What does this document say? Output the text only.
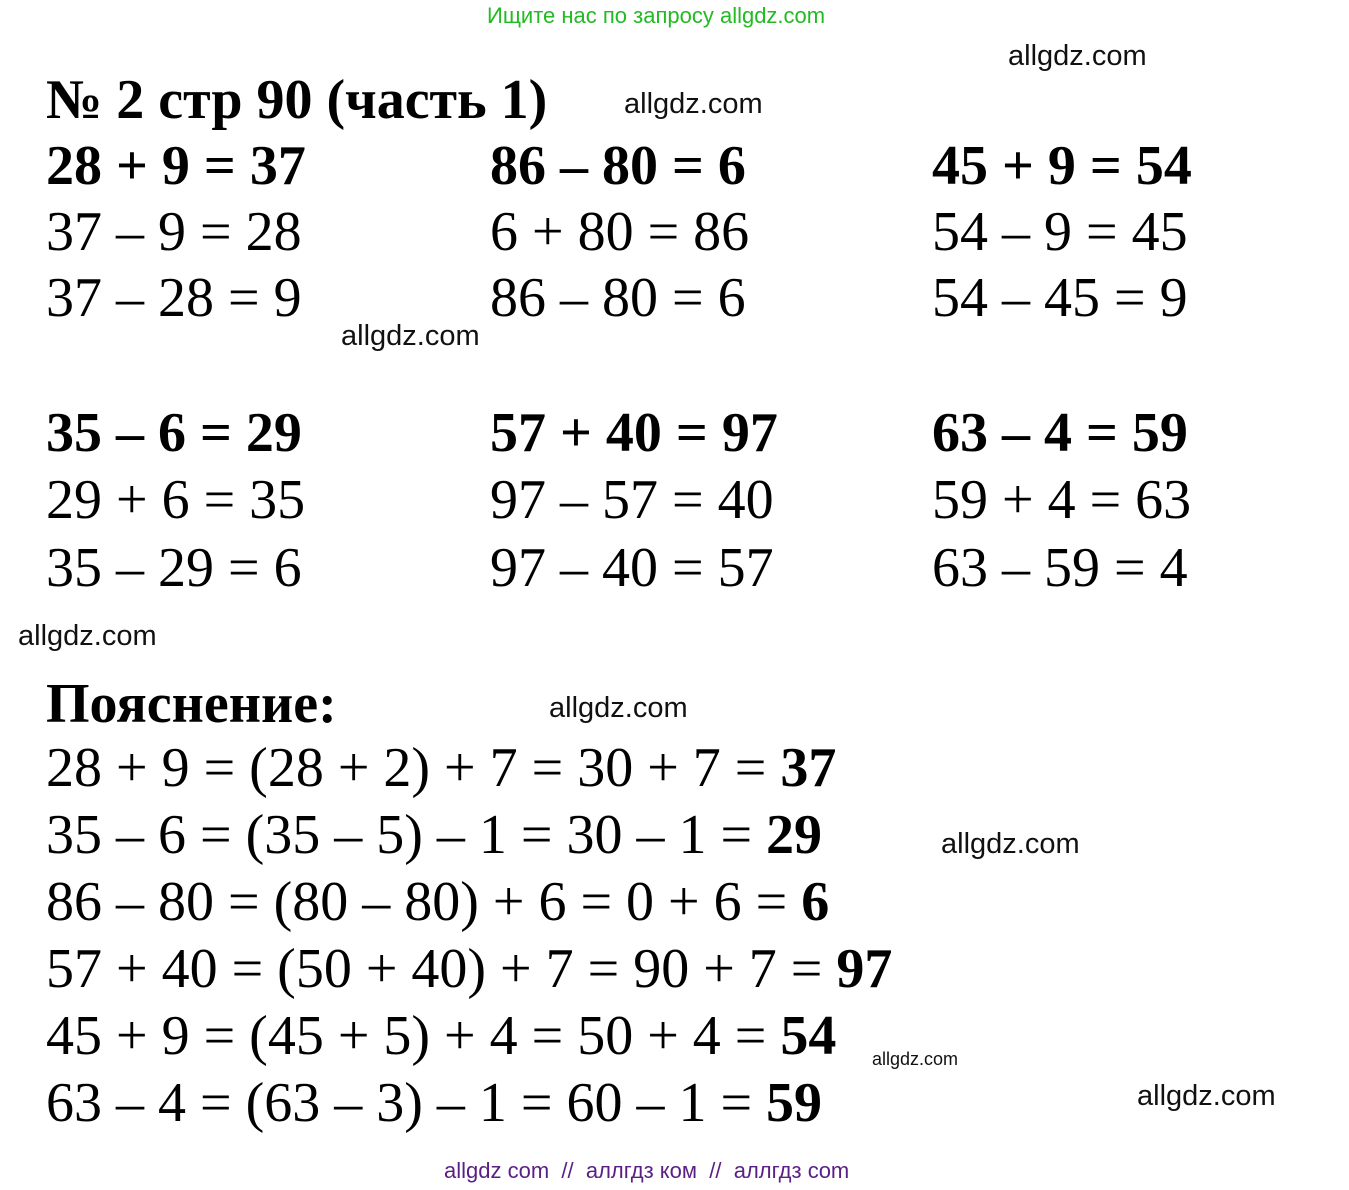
Ищите нас по запросу allgdz.com
allgdz.com
allgdz.com
allgdz.com
allgdz.com
allgdz.com
allgdz.com
allgdz.com
allgdz.com
№ 2 стр 90 (часть 1)
28 + 9 = 37
37 – 9 = 28
37 – 28 = 9
86 – 80 = 6
6 + 80 = 86
86 – 80 = 6
45 + 9 = 54
54 – 9 = 45
54 – 45 = 9
35 – 6 = 29
29 + 6 = 35
35 – 29 = 6
57 + 40 = 97
97 – 57 = 40
97 – 40 = 57
63 – 4 = 59
59 + 4 = 63
63 – 59 = 4
Пояснение:
28 + 9 = (28 + 2) + 7 = 30 + 7 = 37
35 – 6 = (35 – 5) – 1 = 30 – 1 = 29
86 – 80 = (80 – 80) + 6 = 0 + 6 = 6
57 + 40 = (50 + 40) + 7 = 90 + 7 = 97
45 + 9 = (45 + 5) + 4 = 50 + 4 = 54
63 – 4 = (63 – 3) – 1 = 60 – 1 = 59
allgdz com  //  аллгдз ком  //  аллгдз com
